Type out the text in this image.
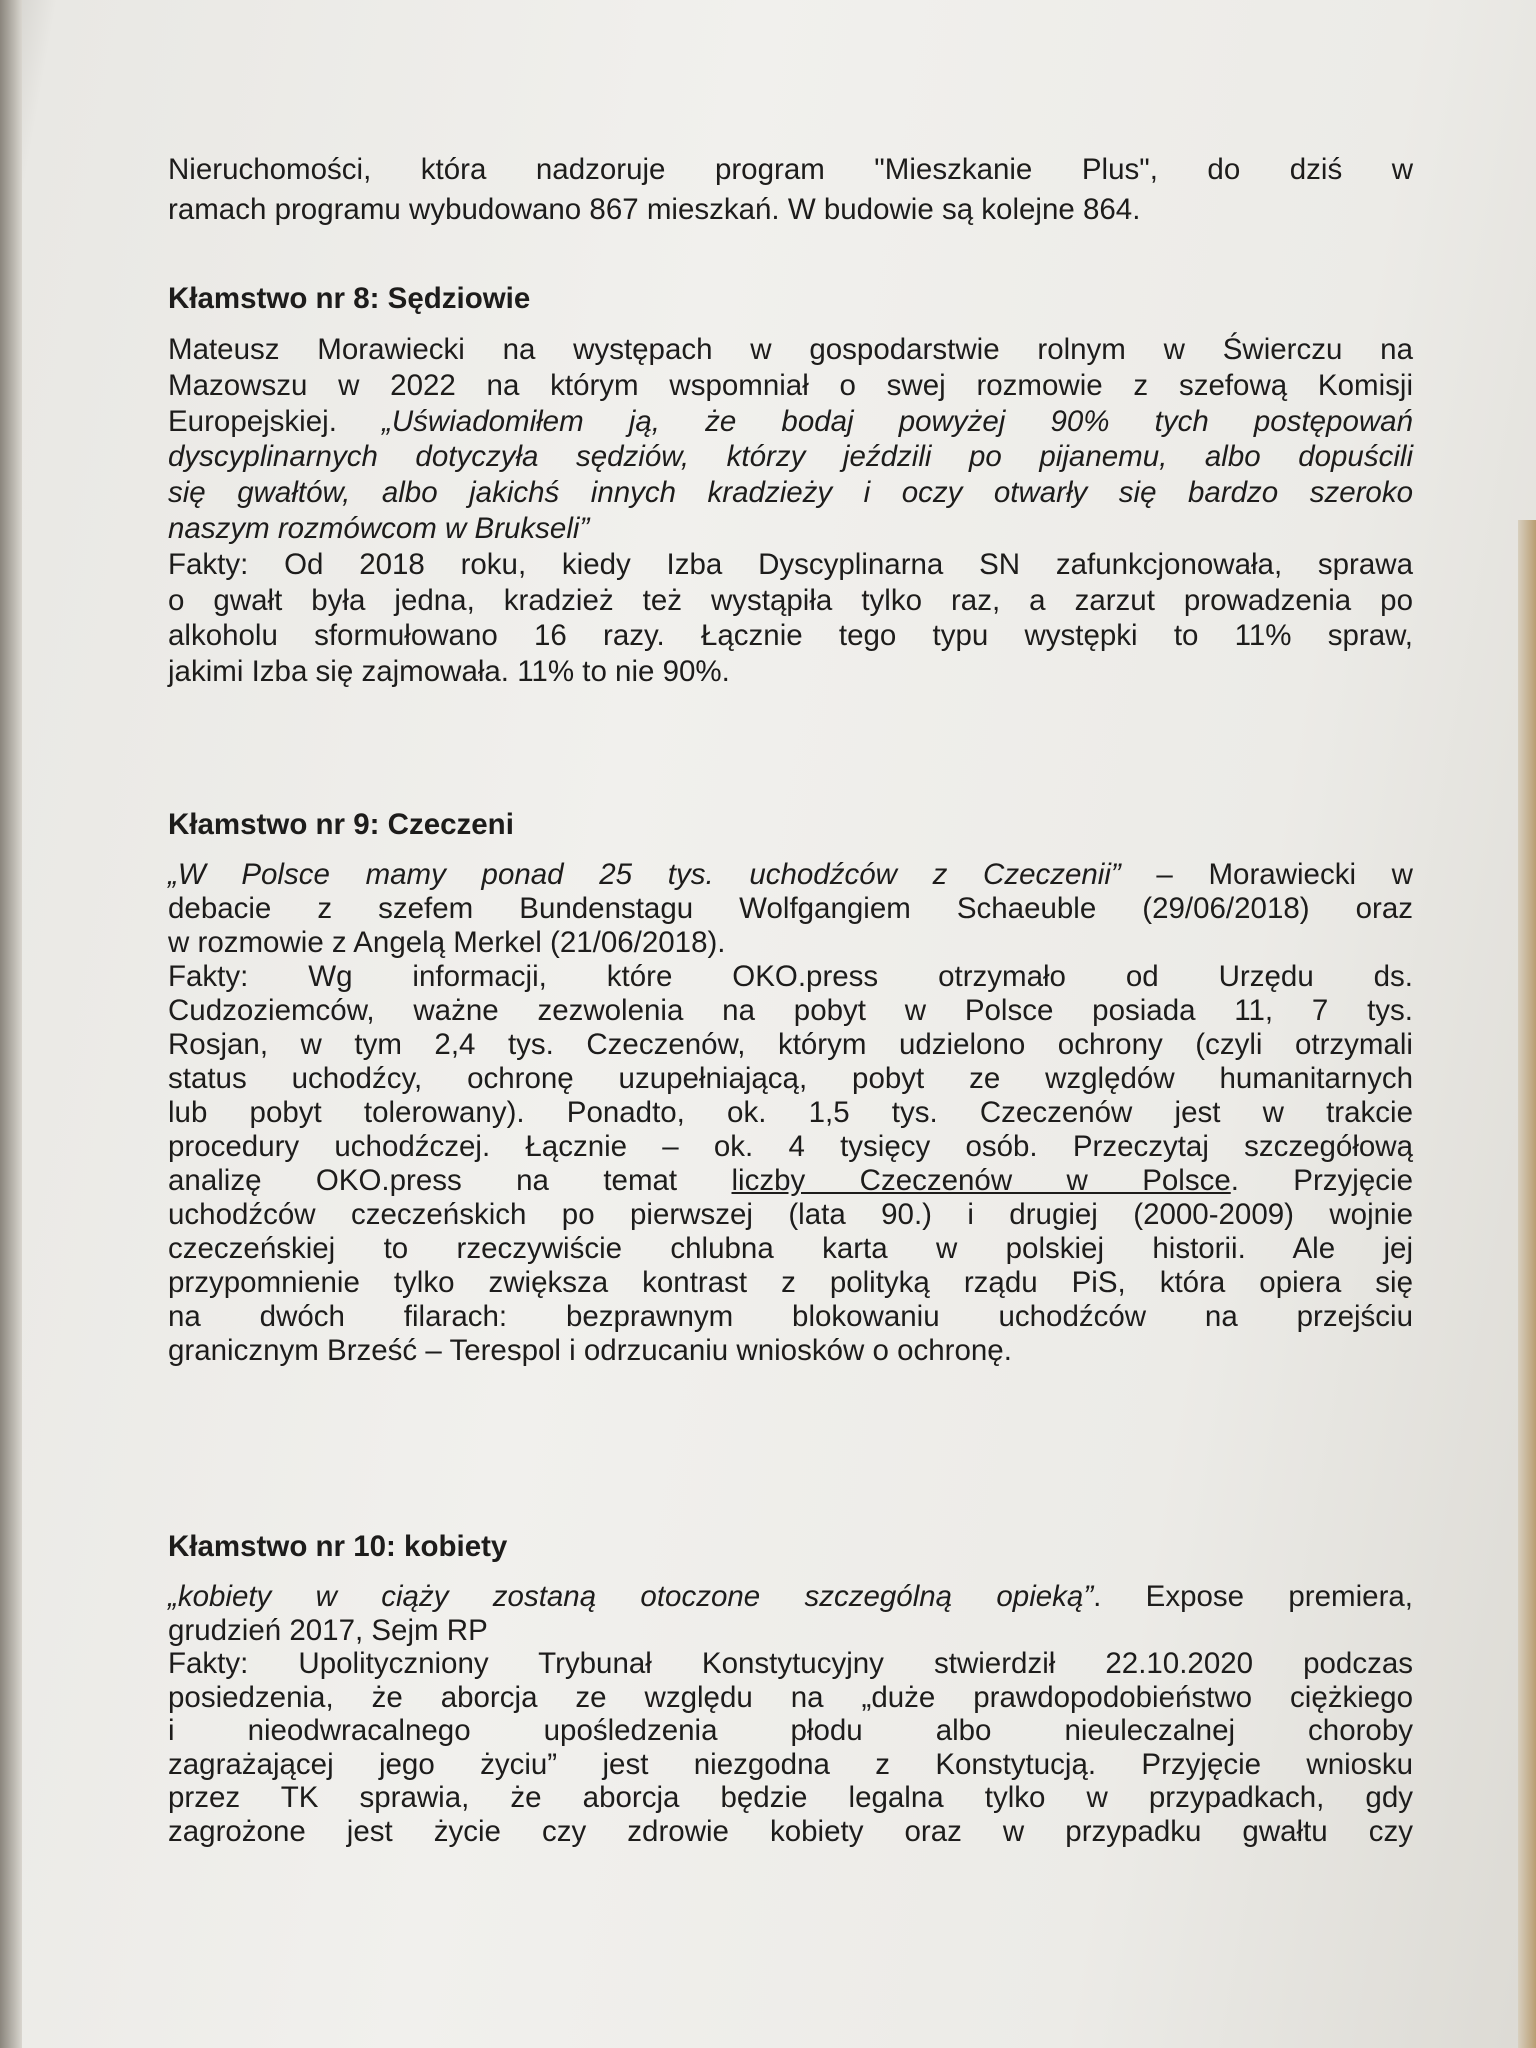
Nieruchomości, która nadzoruje program "Mieszkanie Plus", do dziś w
ramach programu wybudowano 867 mieszkań. W budowie są kolejne 864.
Kłamstwo nr 8: Sędziowie
Mateusz Morawiecki na występach w gospodarstwie rolnym w Świerczu na
Mazowszu w 2022 na którym wspomniał o swej rozmowie z szefową Komisji
Europejskiej. „Uświadomiłem ją, że bodaj powyżej 90% tych postępowań
dyscyplinarnych dotyczyła sędziów, którzy jeździli po pijanemu, albo dopuścili
się gwałtów, albo jakichś innych kradzieży i oczy otwarły się bardzo szeroko
naszym rozmówcom w Brukseli”
Fakty: Od 2018 roku, kiedy Izba Dyscyplinarna SN zafunkcjonowała, sprawa
o gwałt była jedna, kradzież też wystąpiła tylko raz, a zarzut prowadzenia po
alkoholu sformułowano 16 razy. Łącznie tego typu występki to 11% spraw,
jakimi Izba się zajmowała. 11% to nie 90%.
Kłamstwo nr 9: Czeczeni
„W Polsce mamy ponad 25 tys. uchodźców z Czeczenii” – Morawiecki w
debacie z szefem Bundenstagu Wolfgangiem Schaeuble (29/06/2018) oraz
w rozmowie z Angelą Merkel (21/06/2018).
Fakty: Wg informacji, które OKO.press otrzymało od Urzędu ds.
Cudzoziemców, ważne zezwolenia na pobyt w Polsce posiada 11, 7 tys.
Rosjan, w tym 2,4 tys. Czeczenów, którym udzielono ochrony (czyli otrzymali
status uchodźcy, ochronę uzupełniającą, pobyt ze względów humanitarnych
lub pobyt tolerowany). Ponadto, ok. 1,5 tys. Czeczenów jest w trakcie
procedury uchodźczej. Łącznie – ok. 4 tysięcy osób. Przeczytaj szczegółową
analizę OKO.press na temat liczby Czeczenów w Polsce. Przyjęcie
uchodźców czeczeńskich po pierwszej (lata 90.) i drugiej (2000-2009) wojnie
czeczeńskiej to rzeczywiście chlubna karta w polskiej historii. Ale jej
przypomnienie tylko zwiększa kontrast z polityką rządu PiS, która opiera się
na dwóch filarach: bezprawnym blokowaniu uchodźców na przejściu
granicznym Brześć – Terespol i odrzucaniu wniosków o ochronę.
Kłamstwo nr 10: kobiety
„kobiety w ciąży zostaną otoczone szczególną opieką”. Expose premiera,
grudzień 2017, Sejm RP
Fakty: Upolityczniony Trybunał Konstytucyjny stwierdził 22.10.2020 podczas
posiedzenia, że aborcja ze względu na „duże prawdopodobieństwo ciężkiego
i nieodwracalnego upośledzenia płodu albo nieuleczalnej choroby
zagrażającej jego życiu” jest niezgodna z Konstytucją. Przyjęcie wniosku
przez TK sprawia, że aborcja będzie legalna tylko w przypadkach, gdy
zagrożone jest życie czy zdrowie kobiety oraz w przypadku gwałtu czy
